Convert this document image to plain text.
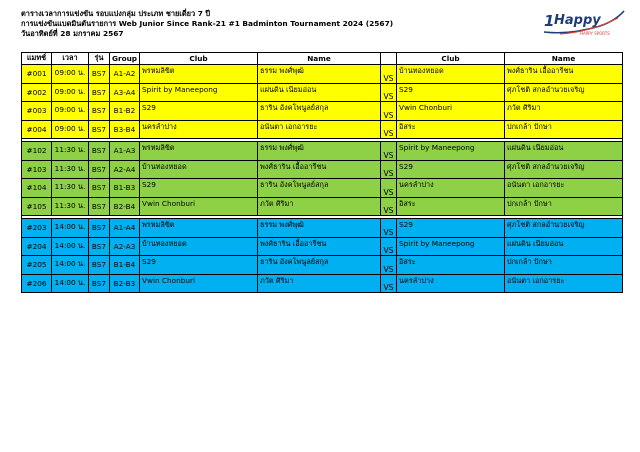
ตารางเวลาการแข่งขัน รอบแบ่งกลุ่ม ประเภท ชายเดี่ยว 7 ปี
การแข่งขันแบดมินตันรายการ Web Junior Since Rank-21 #1 Badminton Tournament 2024 (2567)
วันอาทิตย์ที่ 28 มกราคม 2567
1 Happy
HAPPY SPORTS
แมทช์	เวลา	รุ่น	Group	Club	Name		Club	Name
#001	09:00 น.	BS7	A1-A2	พรหมลิขิต	ธรรม พงศ์พุฒิ	VS	บ้านทองหยอด	พงศ์ธาริน เอื้ออารีชน
#002	09:00 น.	BS7	A3-A4	Spirit by Maneepong	แผ่นดิน เนียมอ่อน	VS	S29	ศุภโชติ สกลอำนวยเจริญ
#003	09:00 น.	BS7	B1-B2	S29	ธาริน อังคโพนูลย์สกุล	VS	Vwin Chonburi	ภวัต ศิริมา
#004	09:00 น.	BS7	B3-B4	นครลำปาง	อนันตา เอกอารยะ	VS	อิสระ	ปกเกล้า ปักษา

#102	11:30 น.	BS7	A1-A3	พรหมลิขิต	ธรรม พงศ์พุฒิ	VS	Spirit by Maneepong	แผ่นดิน เนียมอ่อน
#103	11:30 น.	BS7	A2-A4	บ้านทองหยอด	พงศ์ธาริน เอื้ออารีชน	VS	S29	ศุภโชติ สกลอำนวยเจริญ
#104	11:30 น.	BS7	B1-B3	S29	ธาริน อังคโพนูลย์สกุล	VS	นครลำปาง	อนันตา เอกอารยะ
#105	11:30 น.	BS7	B2-B4	Vwin Chonburi	ภวัต ศิริมา	VS	อิสระ	ปกเกล้า ปักษา

#203	14:00 น.	BS7	A1-A4	พรหมลิขิต	ธรรม พงศ์พุฒิ	VS	S29	ศุภโชติ สกลอำนวยเจริญ
#204	14:00 น.	BS7	A2-A3	บ้านทองหยอด	พงศ์ธาริน เอื้ออารีชน	VS	Spirit by Maneepong	แผ่นดิน เนียมอ่อน
#205	14:00 น.	BS7	B1-B4	S29	ธาริน อังคโพนูลย์สกุล	VS	อิสระ	ปกเกล้า ปักษา
#206	14:00 น.	BS7	B2-B3	Vwin Chonburi	ภวัต ศิริมา	VS	นครลำปาง	อนันตา เอกอารยะ
